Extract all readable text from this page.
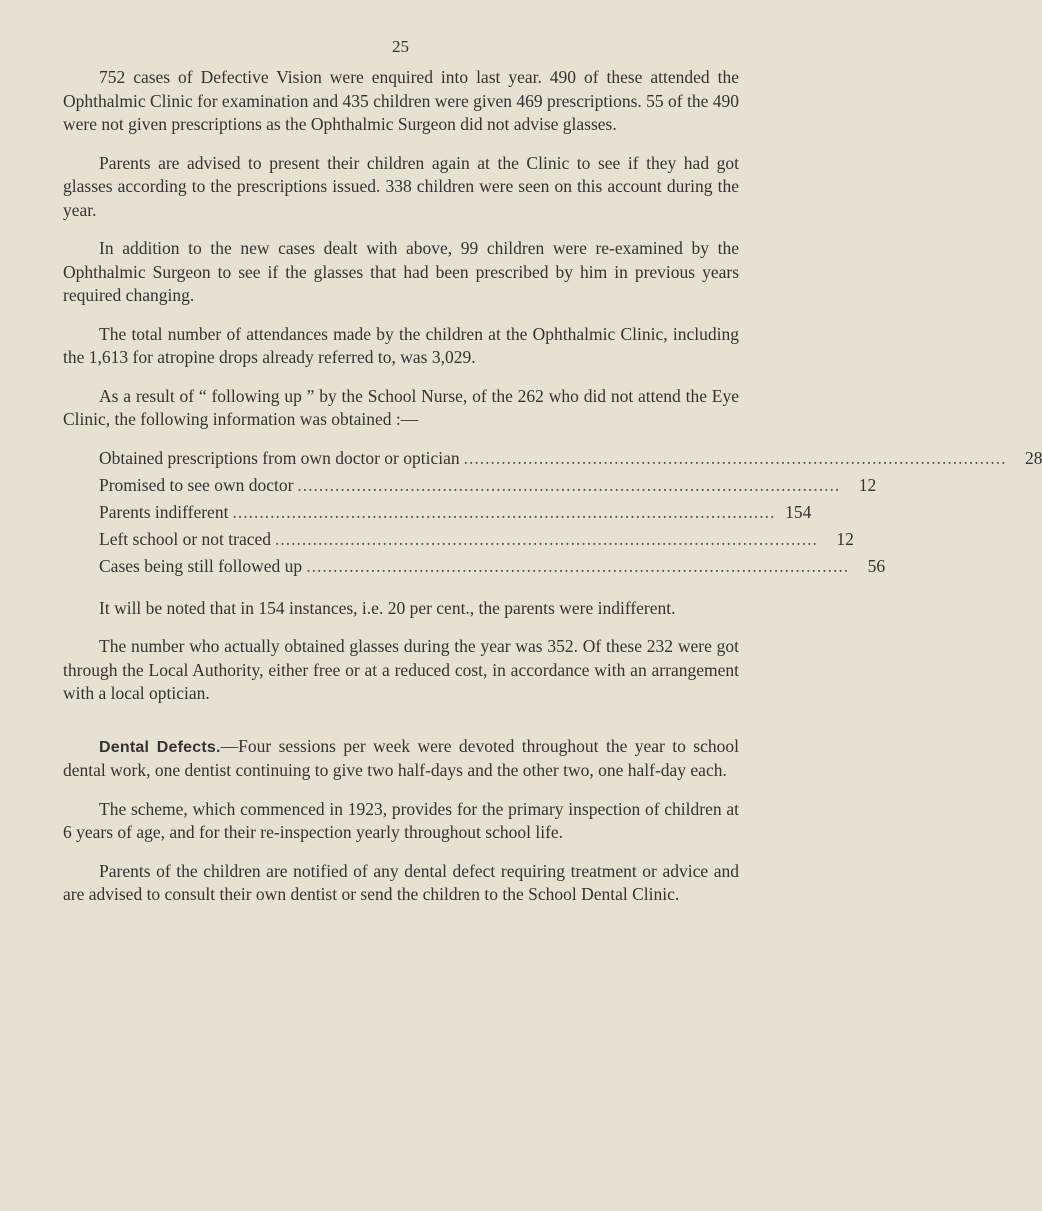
25

752 cases of Defective Vision were enquired into last year. 490 of these attended the Ophthalmic Clinic for examination and 435 children were given 469 prescriptions. 55 of the 490 were not given prescriptions as the Ophthalmic Surgeon did not advise glasses.

Parents are advised to present their children again at the Clinic to see if they had got glasses according to the prescriptions issued. 338 children were seen on this account during the year.

In addition to the new cases dealt with above, 99 children were re-examined by the Ophthalmic Surgeon to see if the glasses that had been prescribed by him in previous years required changing.

The total number of attendances made by the children at the Ophthalmic Clinic, including the 1,613 for atropine drops already referred to, was 3,029.

As a result of “ following up ” by the School Nurse, of the 262 who did not attend the Eye Clinic, the following information was obtained :—

Obtained prescriptions from own doctor or optician .....................................................................................................	28
Promised to see own doctor .....................................................................................................	12
Parents indifferent ..................................................................................................... 154
Left school or not traced .....................................................................................................	12
Cases being still followed up .....................................................................................................	56

It will be noted that in 154 instances, i.e. 20 per cent., the parents were indifferent.

The number who actually obtained glasses during the year was 352. Of these 232 were got through the Local Authority, either free or at a reduced cost, in accordance with an arrangement with a local optician.

Dental Defects.—Four sessions per week were devoted throughout the year to school dental work, one dentist continuing to give two half-days and the other two, one half-day each.

The scheme, which commenced in 1923, provides for the primary inspection of children at 6 years of age, and for their re-inspection yearly throughout school life.

Parents of the children are notified of any dental defect requiring treatment or advice and are advised to consult their own dentist or send the children to the School Dental Clinic.
